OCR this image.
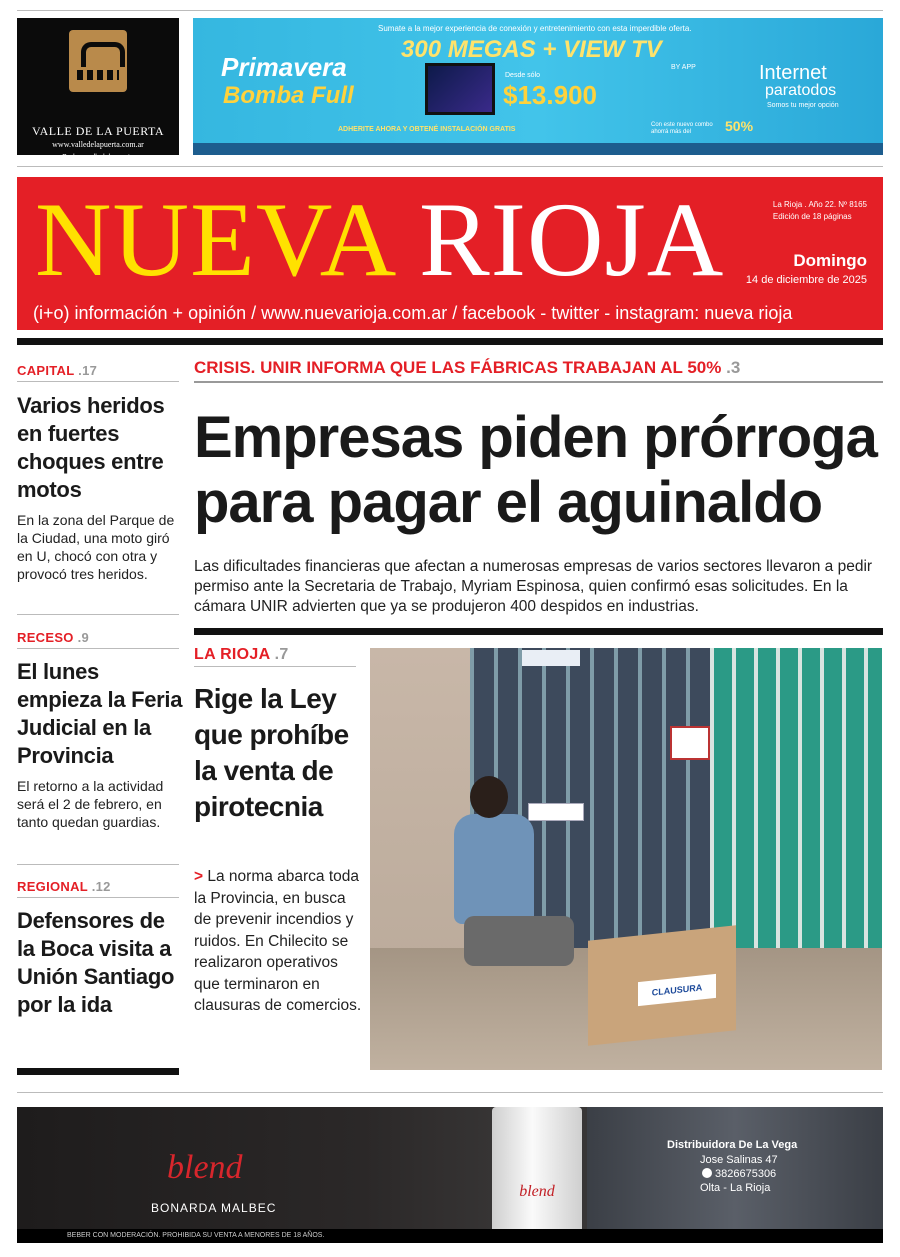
VALLE DE LA PUERTA
www.valledelapuerta.com.ar
Bodegavalledelapuerta
Sumate a la mejor experiencia de conexión y entretenimiento con esta imperdible oferta.
Primavera
Bomba Full
300 MEGAS + VIEW TV
BY APP
Desde sólo
$13.900
ADHERITE AHORA Y OBTENÉ INSTALACIÓN GRATIS
Con este nuevo combo ahorrá más del	50%
Internet
paratodos
Somos tu mejor opción
NUEVA RIOJA	La Rioja . Año 22. Nº 8165
Edición de 18 páginas
Domingo
14 de diciembre de 2025
(i+o) información + opinión / www.nuevarioja.com.ar / facebook - twitter - instagram: nueva rioja
CAPITAL .17
Varios heridos en fuertes choques entre motos
En la zona del Parque de la Ciudad, una moto giró en U, chocó con otra y provocó tres heridos.
RECESO .9
El lunes empieza la Feria Judicial en la Provincia
El retorno a la actividad será el 2 de febrero, en tanto quedan guardias.
REGIONAL .12
Defensores de la Boca visita a Unión Santiago por la ida
CRISIS. UNIR INFORMA QUE LAS FÁBRICAS TRABAJAN AL 50% .3
Empresas piden prórroga para pagar el aguinaldo
Las dificultades financieras que afectan a numerosas empresas de varios sectores llevaron a pedir permiso ante la Secretaria de Trabajo, Myriam Espinosa, quien confirmó esas solicitudes. En la cámara UNIR advierten que ya se produjeron 400 despidos en industrias.
LA RIOJA .7
Rige la Ley que prohíbe la venta de pirotecnia
> La norma abarca toda la Provincia, en busca de prevenir incendios y ruidos. En Chilecito se realizaron operativos que terminaron en clausuras de comercios.
CLAUSURA
blend
BONARDA MALBEC
blend
Distribuidora De La Vega
Jose Salinas 47
3826675306
Olta - La Rioja
BEBER CON MODERACIÓN. PROHIBIDA SU VENTA A MENORES DE 18 AÑOS.
